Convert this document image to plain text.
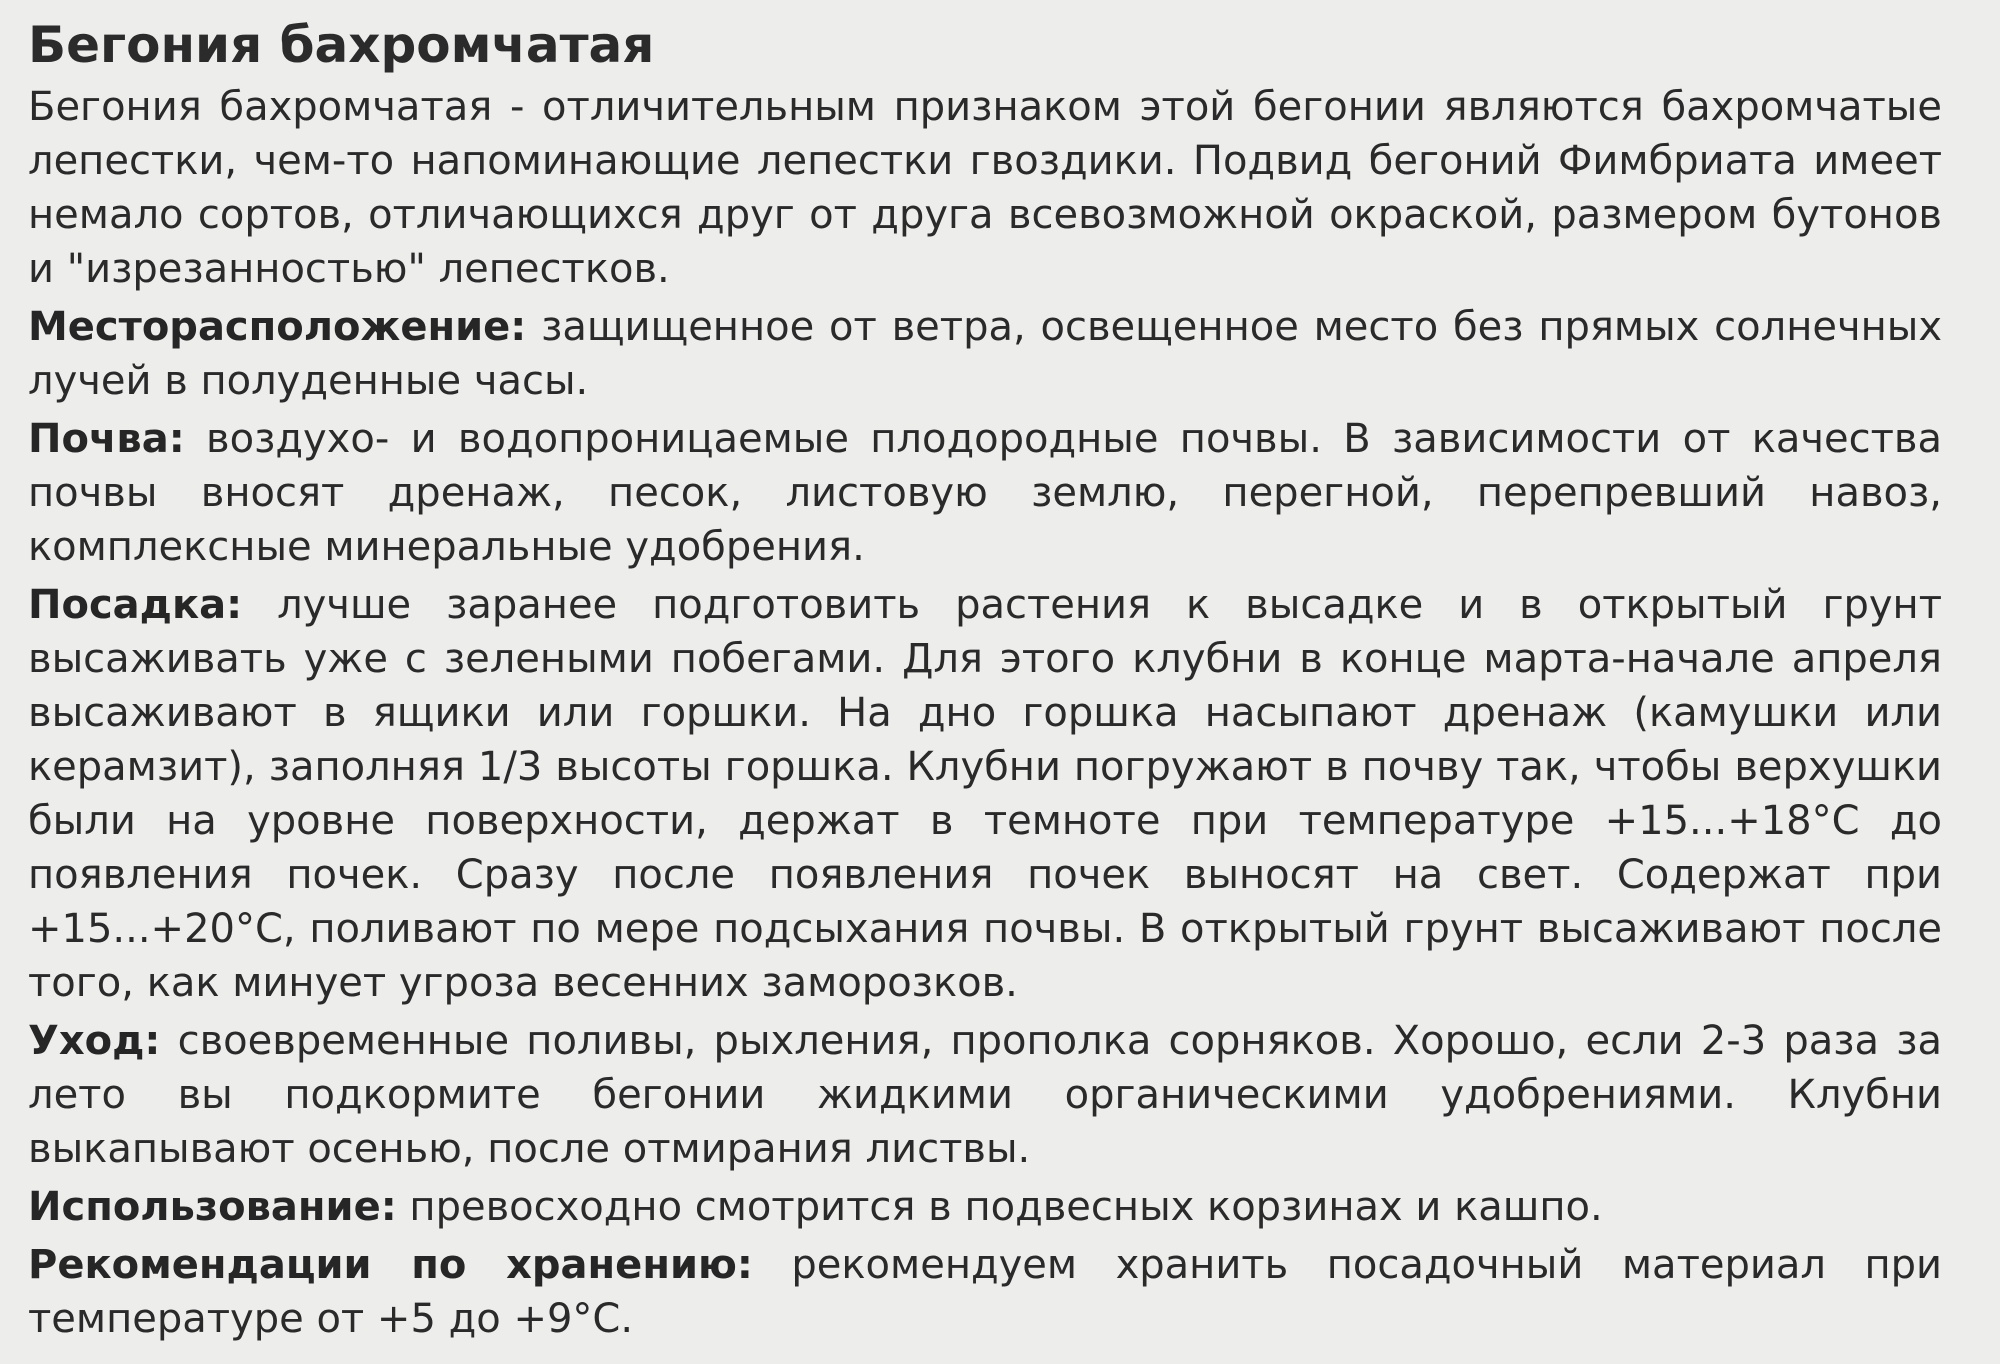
Бегония бахромчатая

Бегония бахромчатая - отличительным признаком этой бегонии являются бахромчатые лепестки, чем-то напоминающие лепестки гвоздики. Подвид бегоний Фимбриата имеет немало сортов, отличающихся друг от друга всевозможной окраской, размером бутонов и "изрезанностью" лепестков.

Месторасположение: защищенное от ветра, освещенное место без прямых солнечных лучей в полуденные часы.

Почва: воздухо- и водопроницаемые плодородные почвы. В зависимости от качества почвы вносят дренаж, песок, листовую землю, перегной, перепревший навоз, комплексные минеральные удобрения.

Посадка: лучше заранее подготовить растения к высадке и в открытый грунт высаживать уже с зелеными побегами. Для этого клубни в конце марта-начале апреля высаживают в ящики или горшки. На дно горшка насыпают дренаж (камушки или керамзит), заполняя 1/3 высоты горшка. Клубни погружают в почву так, чтобы верхушки были на уровне поверхности, держат в темноте при температуре +15...+18°С до появления почек. Сразу после появления почек выносят на свет. Содержат при +15...+20°С, поливают по мере подсыхания почвы. В открытый грунт высаживают после того, как минует угроза весенних заморозков.

Уход: своевременные поливы, рыхления, прополка сорняков. Хорошо, если 2-3 раза за лето вы подкормите бегонии жидкими органическими удобрениями. Клубни выкапывают осенью, после отмирания листвы.

Использование: превосходно смотрится в подвесных корзинах и кашпо.

Рекомендации по хранению: рекомендуем хранить посадочный материал при температуре от +5 до +9°С.
